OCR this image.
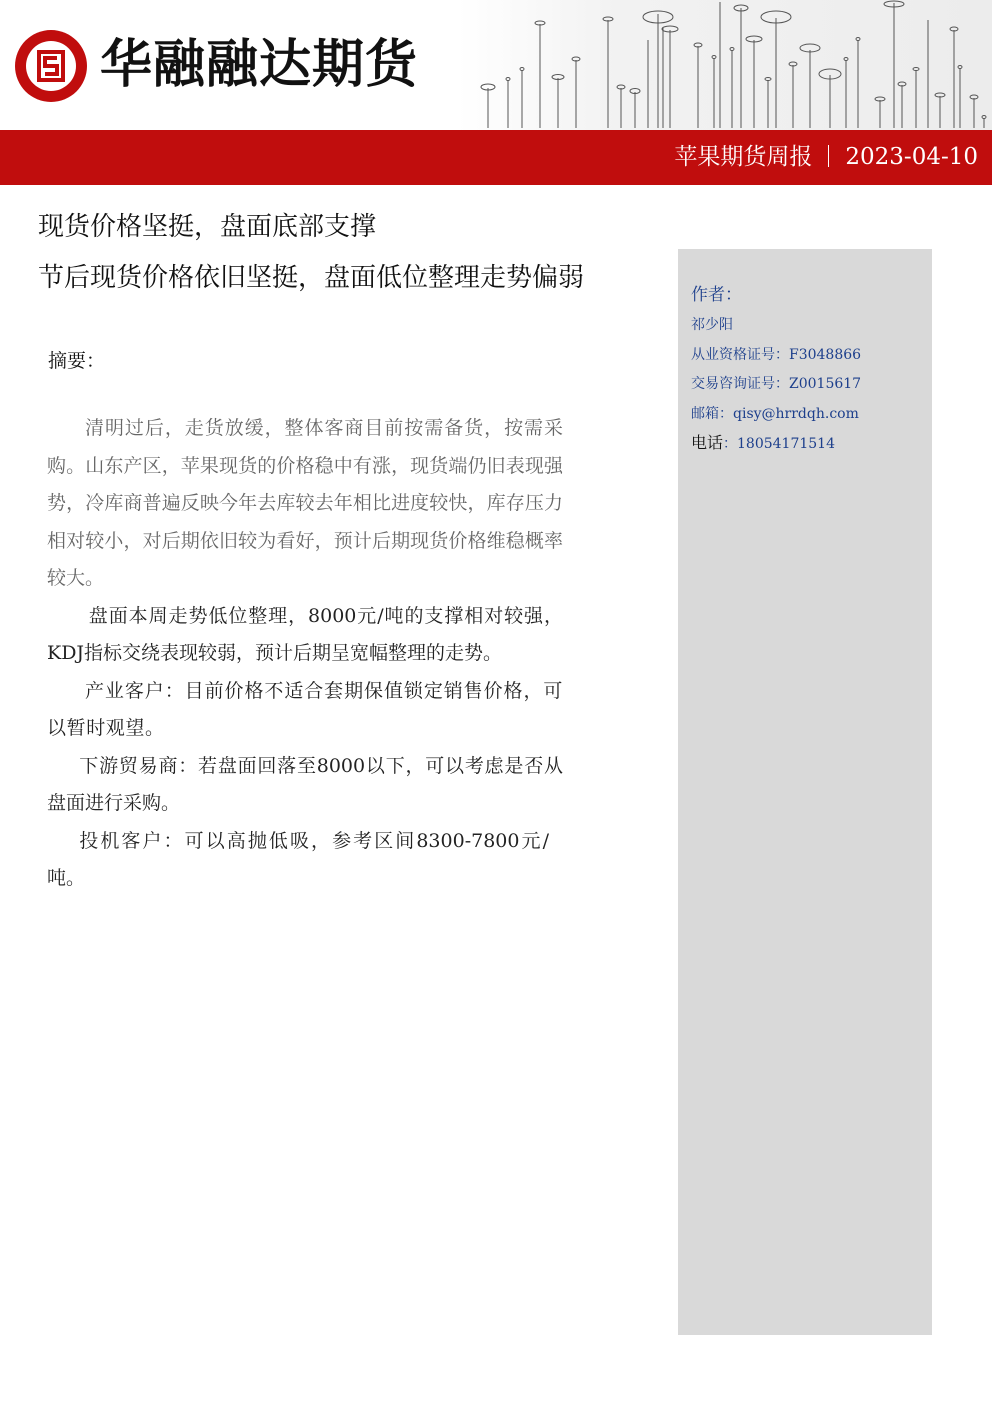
华融融达期货
苹果期货周报 2023-04-10
现货价格坚挺，盘面底部支撑
节后现货价格依旧坚挺，盘面低位整理走势偏弱
摘要：

清明过后，走货放缓，整体客商目前按需备货，按需采购。山东产区，苹果现货的价格稳中有涨，现货端仍旧表现强势，冷库商普遍反映今年去库较去年相比进度较快，库存压力相对较小，对后期依旧较为看好，预计后期现货价格维稳概率较大。

盘面本周走势低位整理，8000元/吨的支撑相对较强，KDJ指标交绕表现较弱，预计后期呈宽幅整理的走势。

产业客户：目前价格不适合套期保值锁定销售价格，可以暂时观望。

下游贸易商：若盘面回落至8000以下，可以考虑是否从盘面进行采购。

投机客户：可以高抛低吸，参考区间8300-7800元/吨。

作者：
祁少阳
从业资格证号：F3048866
交易咨询证号：Z0015617
邮箱：qisy@hrrdqh.com
电话：18054171514
